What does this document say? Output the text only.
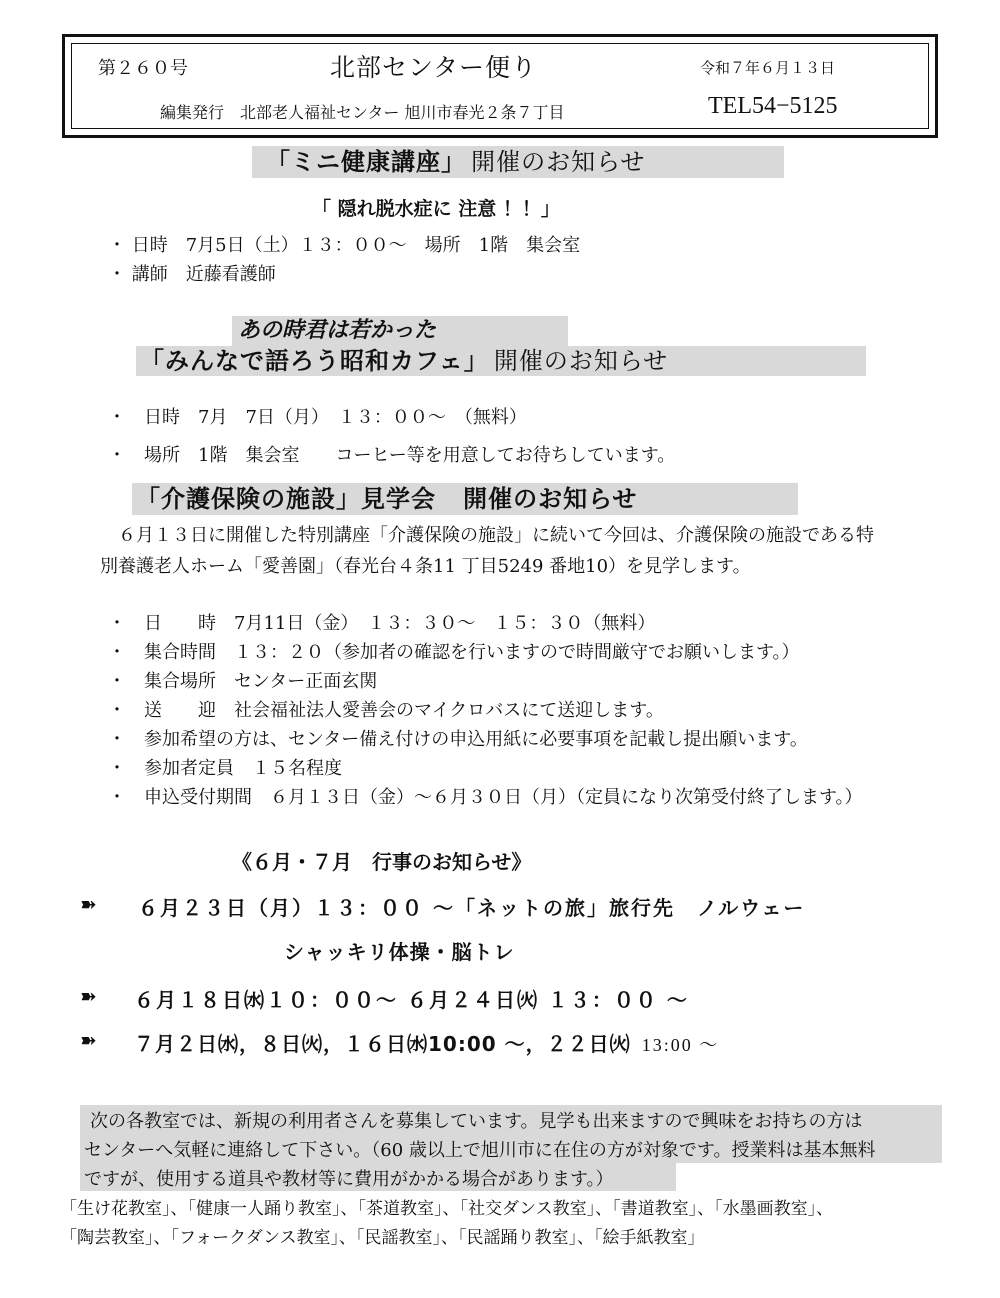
第２６０号	北部センター便り	令和７年６月１３日
編集発行　北部老人福祉センター 旭川市春光２条７丁目	TEL54−5125
「ミニ健康講座」 開催のお知らせ
「 隠れ脱水症に 注意 ！！」
・ 日時　7月5日（土）１３：００～　場所　1階　集会室
・ 講師　近藤看護師
あの時君は若かった
「みんなで語ろう昭和カフェ」 開催のお知らせ
・　日時　7月　7日（月）　１３：００～　（無料）
・　場所　1階　集会室　　コーヒー等を用意してお待ちしています。
「介護保険の施設」見学会 開催のお知らせ
６月１３日に開催した特別講座「介護保険の施設」に続いて今回は、介護保険の施設である特
別養護老人ホーム「愛善園」（春光台４条11 丁目5249 番地10）を見学します。
・　日　　時　7月11日（金）　１３：３０～　１５：３０（無料）
・　集合時間　１３：２０（参加者の確認を行いますので時間厳守でお願いします。）
・　集合場所　センター正面玄関
・　送　　迎　社会福祉法人愛善会のマイクロバスにて送迎します。
・　参加希望の方は、センター備え付けの申込用紙に必要事項を記載し提出願います。
・　参加者定員　１５名程度
・　申込受付期間　６月１３日（金）～６月３０日（月）（定員になり次第受付終了します。）
《６月・７月　行事のお知らせ》
➽ ６月２３日（月）１３：００ ～「ネットの旅」旅行先　ノルウェー
シャッキリ体操・脳トレ
➽ ６月１８日㈬１０：００～ ６月２４日㈫ １３：００ ～
➽ ７月２日㈬，８日㈫，１６日㈬10:00 ～，２２日㈫ 13:00 ～
次の各教室では、新規の利用者さんを募集しています。見学も出来ますので興味をお持ちの方は
センターへ気軽に連絡して下さい。（60 歳以上で旭川市に在住の方が対象です。授業料は基本無料
ですが、使用する道具や教材等に費用がかかる場合があります。）
「生け花教室」、「健康一人踊り教室」、「茶道教室」、「社交ダンス教室」、「書道教室」、「水墨画教室」、
「陶芸教室」、「フォークダンス教室」、「民謡教室」、「民謡踊り教室」、「絵手紙教室」
